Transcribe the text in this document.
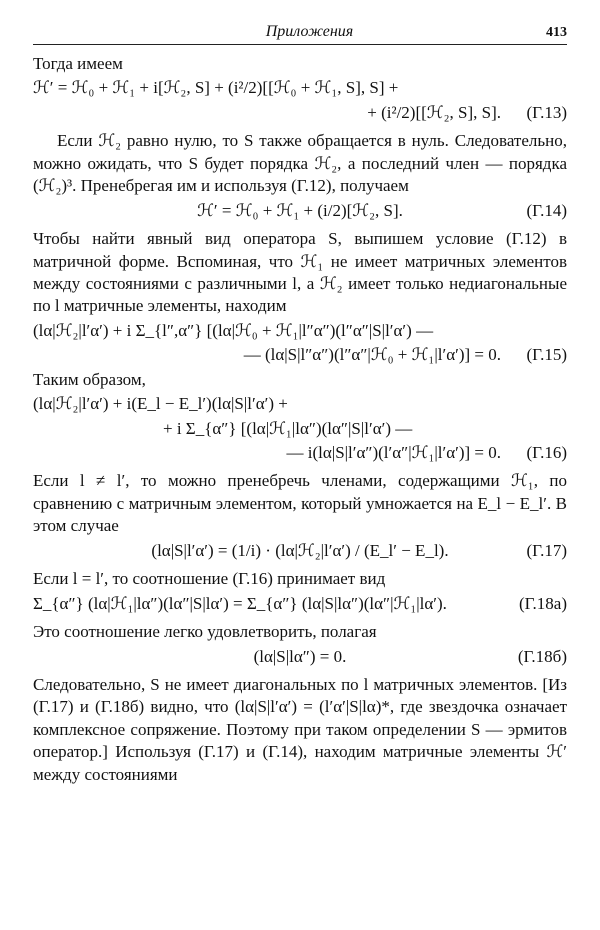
Приложения	413

Тогда имеем

ℋ′ = ℋ₀ + ℋ₁ + i[ℋ₂, S] + (i²/2)[[ℋ₀ + ℋ₁, S], S] +
+ (i²/2)[[ℋ₂, S], S].	(Г.13)

Если ℋ₂ равно нулю, то S также обращается в нуль. Следовательно, можно ожидать, что S будет порядка ℋ₂, а последний член — порядка (ℋ₂)³. Пренебрегая им и используя (Г.12), получаем

ℋ′ = ℋ₀ + ℋ₁ + (i/2)[ℋ₂, S].	(Г.14)

Чтобы найти явный вид оператора S, выпишем условие (Г.12) в матричной форме. Вспоминая, что ℋ₁ не имеет матричных элементов между состояниями с различными l, а ℋ₂ имеет только недиагональные по l матричные элементы, находим

(lα|ℋ₂|l′α′) + i Σ_{l″,α″} [(lα|ℋ₀ + ℋ₁|l″α″)(l″α″|S|l′α′) —
— (lα|S|l″α″)(l″α″|ℋ₀ + ℋ₁|l′α′)] = 0.	(Г.15)

Таким образом,

(lα|ℋ₂|l′α′) + i(E_l − E_l′)(lα|S|l′α′) +
+ i Σ_{α″} [(lα|ℋ₁|lα″)(lα″|S|l′α′) —
— i(lα|S|l′α″)(l′α″|ℋ₁|l′α′)] = 0.	(Г.16)

Если l ≠ l′, то можно пренебречь членами, содержащими ℋ₁, по сравнению с матричным элементом, который умножается на E_l − E_l′. В этом случае

(lα|S|l′α′) = (1/i) · (lα|ℋ₂|l′α′) / (E_l′ − E_l).	(Г.17)

Если l = l′, то соотношение (Г.16) принимает вид

Σ_{α″} (lα|ℋ₁|lα″)(lα″|S|lα′) = Σ_{α″} (lα|S|lα″)(lα″|ℋ₁|lα′).	(Г.18а)

Это соотношение легко удовлетворить, полагая

(lα|S|lα″) = 0.	(Г.18б)

Следовательно, S не имеет диагональных по l матричных элементов. [Из (Г.17) и (Г.18б) видно, что (lα|S|l′α′) = (l′α′|S|lα)*, где звездочка означает комплексное сопряжение. Поэтому при таком определении S — эрмитов оператор.] Используя (Г.17) и (Г.14), находим матричные элементы ℋ′ между состояниями
